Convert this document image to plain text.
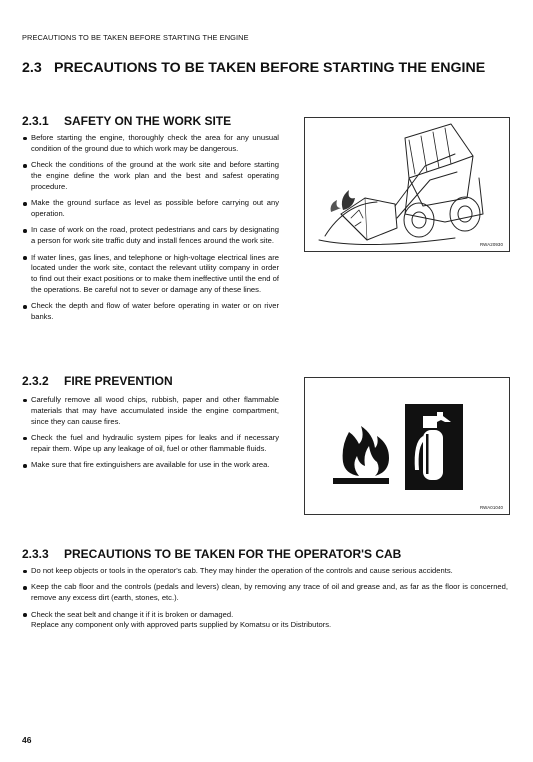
PRECAUTIONS TO BE TAKEN BEFORE STARTING THE ENGINE
2.3 PRECAUTIONS TO BE TAKEN BEFORE STARTING THE ENGINE
2.3.1 SAFETY ON THE WORK SITE
Before starting the engine, thoroughly check the area for any unusual condition of the ground due to which work may be dangerous.
Check the conditions of the ground at the work site and before starting the engine define the work plan and the best and safest operating procedure.
Make the ground surface as level as possible before carrying out any operation.
In case of work on the road, protect pedestrians and cars by designating a person for work site traffic duty and install fences around the work site.
If water lines, gas lines, and telephone or high-voltage electrical lines are located under the work site, contact the relevant utility company in order to find out their exact positions or to make them ineffective until the end of the operations. Be careful not to sever or damage any of these lines.
Check the depth and flow of water before operating in water or on river banks.
RWA20930
2.3.2 FIRE PREVENTION
Carefully remove all wood chips, rubbish, paper and other flammable materials that may have accumulated inside the engine compartment, since they can cause fires.
Check the fuel and hydraulic system pipes for leaks and if necessary repair them. Wipe up any leakage of oil, fuel or other flammable fluids.
Make sure that fire extinguishers are available for use in the work area.
RWA01040
2.3.3 PRECAUTIONS TO BE TAKEN FOR THE OPERATOR'S CAB
Do not keep objects or tools in the operator's cab. They may hinder the operation of the controls and cause serious accidents.
Keep the cab floor and the controls (pedals and levers) clean, by removing any trace of oil and grease and, as far as the floor is concerned, remove any excess dirt (earth, stones, etc.).
Check the seat belt and change it if it is broken or damaged.
Replace any component only with approved parts supplied by Komatsu or its Distributors.
46
